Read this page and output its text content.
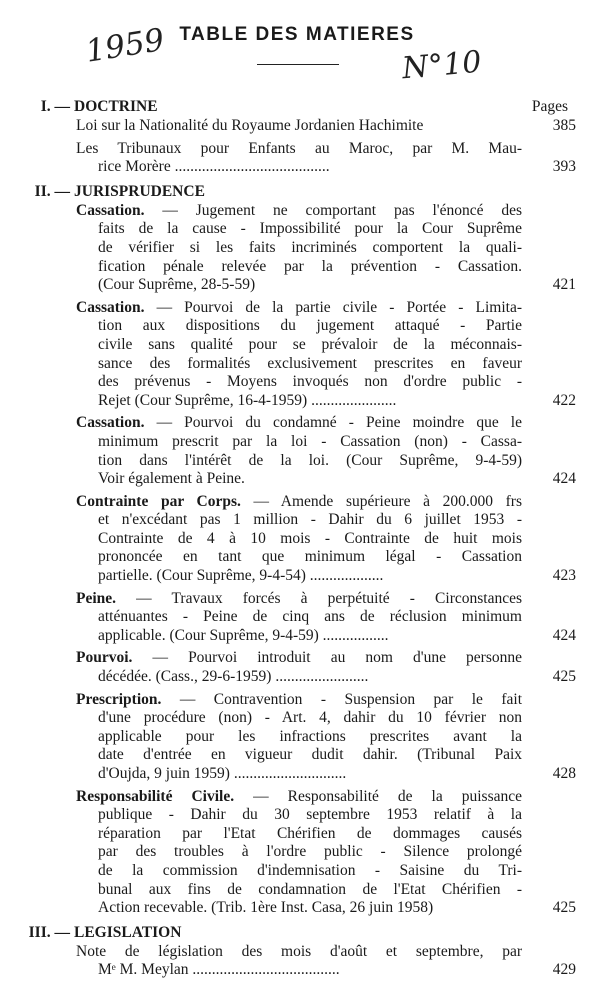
TABLE DES MATIERES
1959	N°10
I. — DOCTRINE	Pages
Loi sur la Nationalité du Royaume Jordanien Hachimite	385
Les Tribunaux pour Enfants au Maroc, par M. Mau-
rice Morère ........................................	393
II. — JURISPRUDENCE
Cassation. — Jugement ne comportant pas l'énoncé des
faits de la cause - Impossibilité pour la Cour Suprême
de vérifier si les faits incriminés comportent la quali-
fication pénale relevée par la prévention - Cassation.
(Cour Suprême, 28-5-59)	421
Cassation. — Pourvoi de la partie civile - Portée - Limita-
tion aux dispositions du jugement attaqué - Partie
civile sans qualité pour se prévaloir de la méconnais-
sance des formalités exclusivement prescrites en faveur
des prévenus - Moyens invoqués non d'ordre public -
Rejet (Cour Suprême, 16-4-1959) ......................	422
Cassation. — Pourvoi du condamné - Peine moindre que le
minimum prescrit par la loi - Cassation (non) - Cassa-
tion dans l'intérêt de la loi. (Cour Suprême, 9-4-59)
Voir également à Peine.	424
Contrainte par Corps. — Amende supérieure à 200.000 frs
et n'excédant pas 1 million - Dahir du 6 juillet 1953 -
Contrainte de 4 à 10 mois - Contrainte de huit mois
prononcée en tant que minimum légal - Cassation
partielle. (Cour Suprême, 9-4-54) ...................	423
Peine. — Travaux forcés à perpétuité - Circonstances
atténuantes - Peine de cinq ans de réclusion minimum
applicable. (Cour Suprême, 9-4-59) .................	424
Pourvoi. — Pourvoi introduit au nom d'une personne
décédée. (Cass., 29-6-1959) ........................	425
Prescription. — Contravention - Suspension par le fait
d'une procédure (non) - Art. 4, dahir du 10 février non
applicable pour les infractions prescrites avant la
date d'entrée en vigueur dudit dahir. (Tribunal Paix
d'Oujda, 9 juin 1959) .............................	428
Responsabilité Civile. — Responsabilité de la puissance
publique - Dahir du 30 septembre 1953 relatif à la
réparation par l'Etat Chérifien de dommages causés
par des troubles à l'ordre public - Silence prolongé
de la commission d'indemnisation - Saisine du Tri-
bunal aux fins de condamnation de l'Etat Chérifien -
Action recevable. (Trib. 1ère Inst. Casa, 26 juin 1958)	425
III. — LEGISLATION
Note de législation des mois d'août et septembre, par
Mᵉ M. Meylan ......................................	429
